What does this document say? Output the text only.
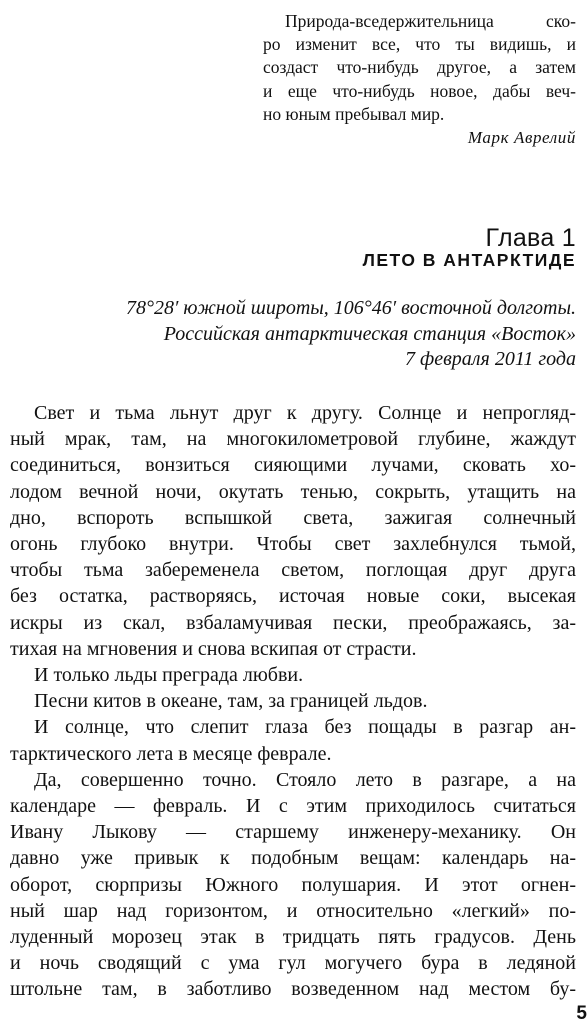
Природа-вседержительница ско-
ро изменит все, что ты видишь, и
создаст что-нибудь другое, а затем
и еще что-нибудь новое, дабы веч-
но юным пребывал мир.
Марк Аврелий
Глава 1
ЛЕТО В АНТАРКТИДЕ
78°28′ южной широты, 106°46′ восточной долготы.
Российская антарктическая станция «Восток»
7 февраля 2011 года
Свет и тьма льнут друг к другу. Солнце и непрогляд-
ный мрак, там, на многокилометровой глубине, жаждут
соединиться, вонзиться сияющими лучами, сковать хо-
лодом вечной ночи, окутать тенью, сокрыть, утащить на
дно, вспороть вспышкой света, зажигая солнечный
огонь глубоко внутри. Чтобы свет захлебнулся тьмой,
чтобы тьма забеременела светом, поглощая друг друга
без остатка, растворяясь, источая новые соки, высекая
искры из скал, взбаламучивая пески, преображаясь, за-
тихая на мгновения и снова вскипая от страсти.
И только льды преграда любви.
Песни китов в океане, там, за границей льдов.
И солнце, что слепит глаза без пощады в разгар ан-
тарктического лета в месяце феврале.
Да, совершенно точно. Стояло лето в разгаре, а на
календаре — февраль. И с этим приходилось считаться
Ивану Лыкову — старшему инженеру-механику. Он
давно уже привык к подобным вещам: календарь на-
оборот, сюрпризы Южного полушария. И этот огнен-
ный шар над горизонтом, и относительно «легкий» по-
луденный морозец этак в тридцать пять градусов. День
и ночь сводящий с ума гул могучего бура в ледяной
штольне там, в заботливо возведенном над местом бу-
5
